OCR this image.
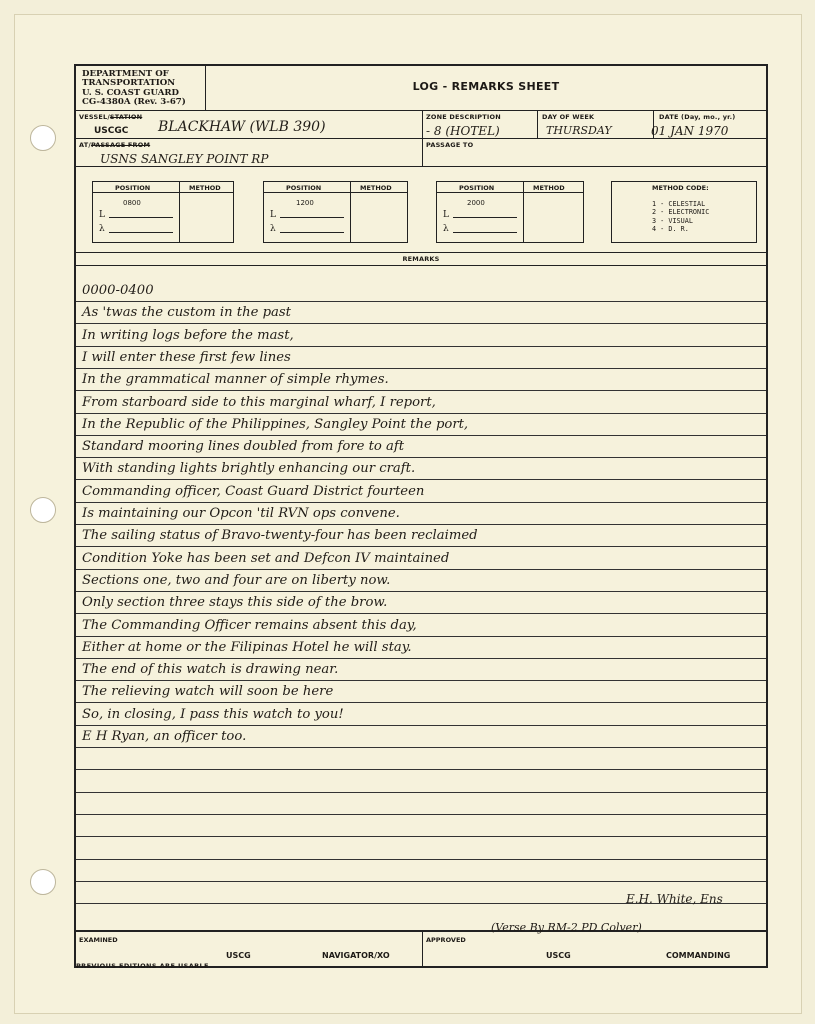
DEPARTMENT OF
TRANSPORTATION
U. S. COAST GUARD
CG-4380A (Rev. 3-67)
LOG - REMARKS SHEET
VESSEL/STATION
USCGC BLACKHAW (WLB 390)
ZONE DESCRIPTION
- 8 (HOTEL)
DAY OF WEEK
THURSDAY
DATE (Day, mo., yr.)
01 JAN 1970
AT/PASSAGE FROM
USNS SANGLEY POINT RP
PASSAGE TO
POSITION	METHOD
0800
L
λ
POSITION	METHOD
1200
L
λ
POSITION	METHOD
2000
L
λ
METHOD CODE:
1 - CELESTIAL
2 - ELECTRONIC
3 - VISUAL
4 - D. R.
REMARKS
0000-0400
As 'twas the custom in the past
In writing logs before the mast,
I will enter these first few lines
In the grammatical manner of simple rhymes.
From starboard side to this marginal wharf, I report,
In the Republic of the Philippines, Sangley Point the port,
Standard mooring lines doubled from fore to aft
With standing lights brightly enhancing our craft.
Commanding officer, Coast Guard District fourteen
Is maintaining our Opcon 'til RVN ops convene.
The sailing status of Bravo-twenty-four has been reclaimed
Condition Yoke has been set and Defcon IV maintained
Sections one, two and four are on liberty now.
Only section three stays this side of the brow.
The Commanding Officer remains absent this day,
Either at home or the Filipinas Hotel he will stay.
The end of this watch is drawing near.
The relieving watch will soon be here
So, in closing, I pass this watch to you!
E H Ryan, an officer too.
E.H. White, Ens
(Verse By RM-2 PD Colver)
EXAMINED
USCG	NAVIGATOR/XO
APPROVED
USCG	COMMANDING
PREVIOUS EDITIONS ARE USABLE
